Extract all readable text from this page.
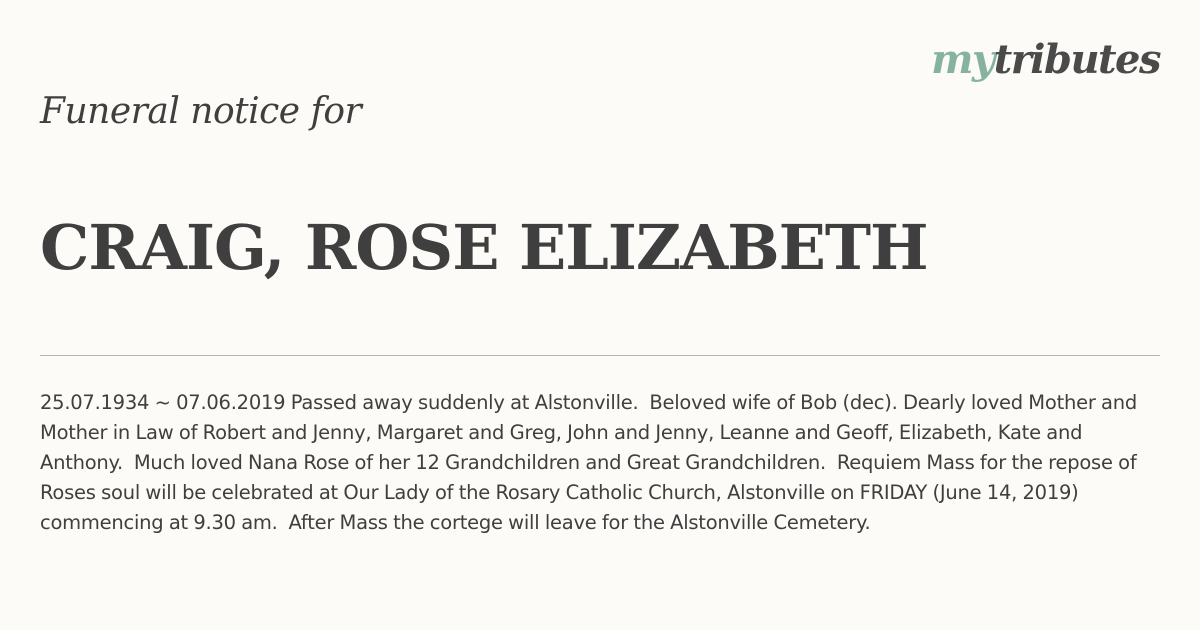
mytributes
Funeral notice for
CRAIG, ROSE ELIZABETH

25.07.1934 ~ 07.06.2019 Passed away suddenly at Alstonville.  Beloved wife of Bob (dec). Dearly loved Mother and Mother in Law of Robert and Jenny, Margaret and Greg, John and Jenny, Leanne and Geoff, Elizabeth, Kate and Anthony.  Much loved Nana Rose of her 12 Grandchildren and Great Grandchildren.  Requiem Mass for the repose of Roses soul will be celebrated at Our Lady of the Rosary Catholic Church, Alstonville on FRIDAY (June 14, 2019) commencing at 9.30 am.  After Mass the cortege will leave for the Alstonville Cemetery.
